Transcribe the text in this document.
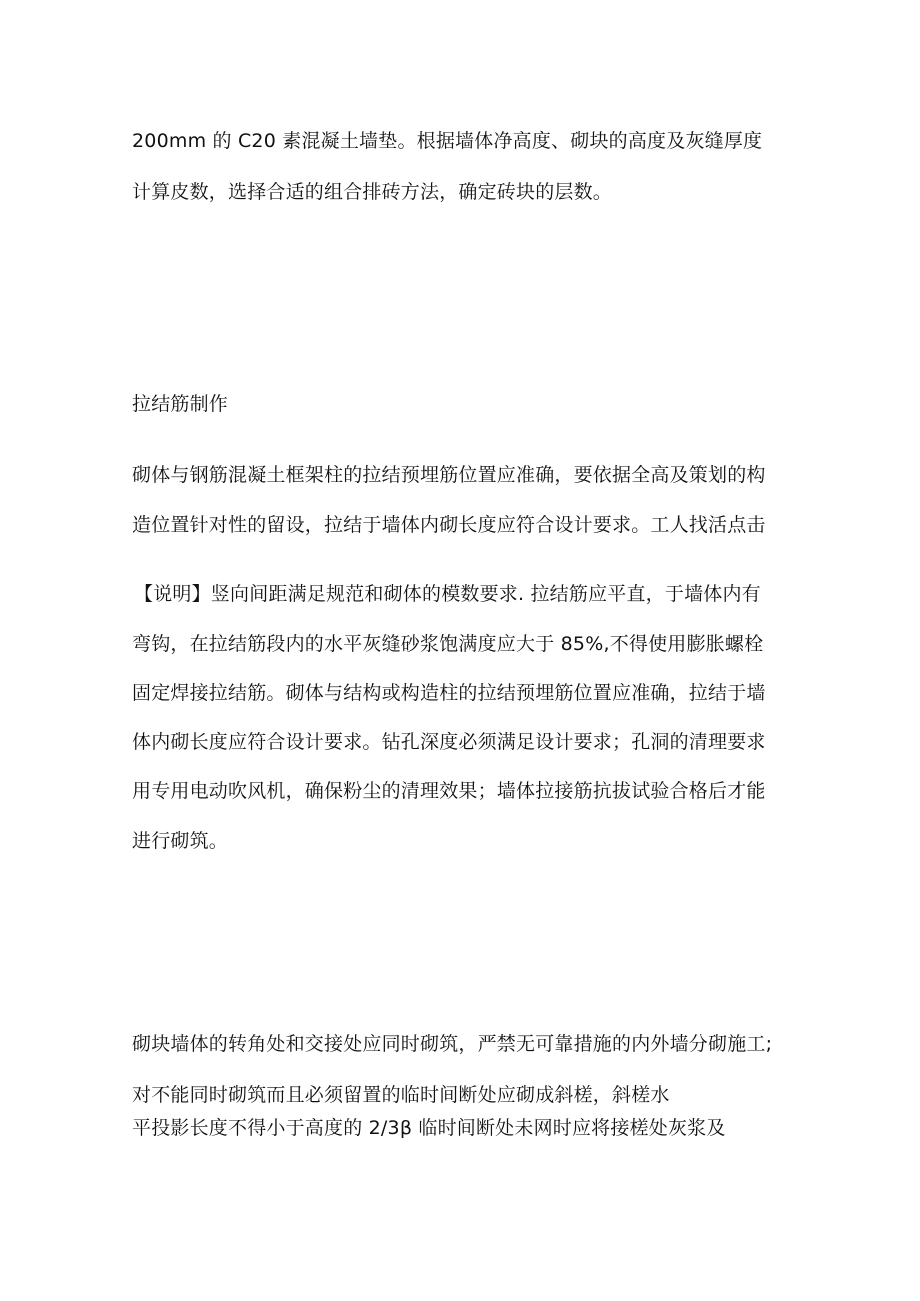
200mm 的 C20 素混凝土墙垫。根据墙体净高度、砌块的高度及灰缝厚度
计算皮数，选择合适的组合排砖方法，确定砖块的层数。
拉结筋制作
砌体与钢筋混凝土框架柱的拉结预埋筋位置应准确，要依据全高及策划的构
造位置针对性的留设，拉结于墙体内砌长度应符合设计要求。工人找活点击
【说明】竖向间距满足规范和砌体的模数要求. 拉结筋应平直，于墙体内有
弯钩，在拉结筋段内的水平灰缝砂浆饱满度应大于 85%,不得使用膨胀螺栓
固定焊接拉结筋。砌体与结构或构造柱的拉结预埋筋位置应准确，拉结于墙
体内砌长度应符合设计要求。钻孔深度必须满足设计要求；孔洞的清理要求
用专用电动吹风机，确保粉尘的清理效果；墙体拉接筋抗拔试验合格后才能
进行砌筑。
砌块墙体的转角处和交接处应同时砌筑，严禁无可靠措施的内外墙分砌施工;
对不能同时砌筑而且必须留置的临时间断处应砌成斜槎，斜槎水
平投影长度不得小于高度的 2/3β 临时间断处未网时应将接槎处灰浆及
